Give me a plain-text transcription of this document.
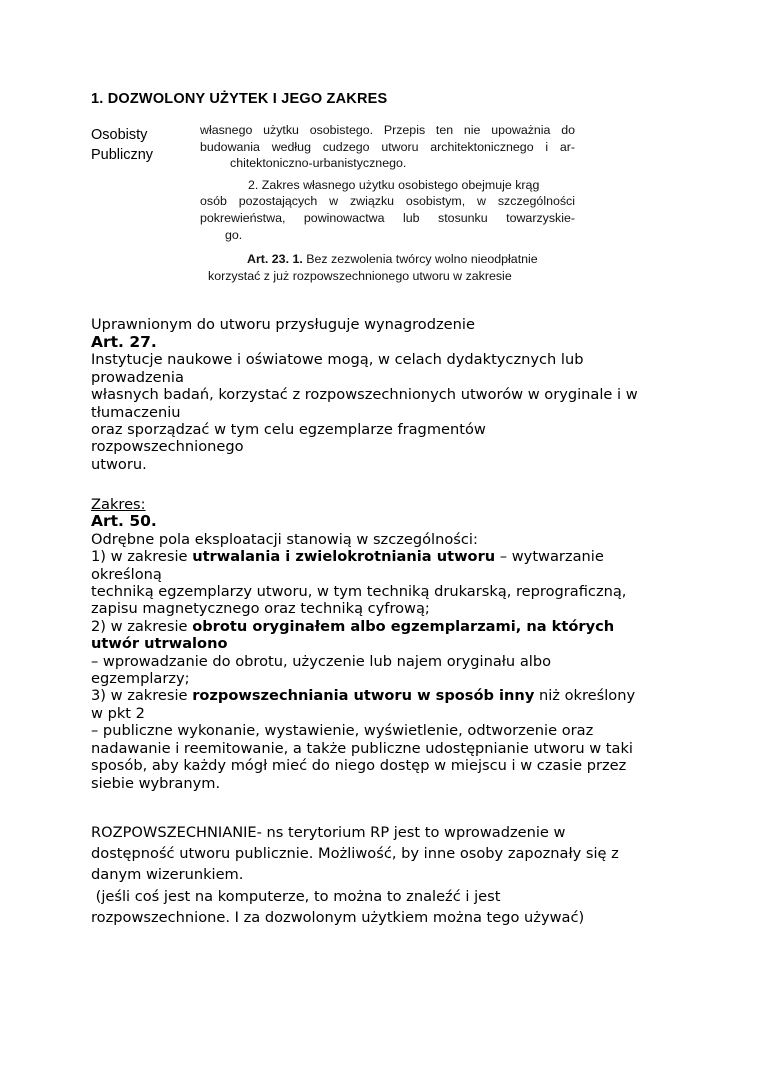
1. DOZWOLONY UŻYTEK I JEGO ZAKRES
Osobisty
Publiczny
własnego użytku osobistego. Przepis ten nie upoważnia do
budowania według cudzego utworu architektonicznego i ar-
chitektoniczno-urbanistycznego.
2. Zakres własnego użytku osobistego obejmuje krąg
osób pozostających w związku osobistym, w szczególności
pokrewieństwa, powinowactwa lub stosunku towarzyskie-
go.
Art. 23. 1. Bez zezwolenia twórcy wolno nieodpłatnie
korzystać z już rozpowszechnionego utworu w zakresie
Uprawnionym do utworu przysługuje wynagrodzenie
Art. 27.
Instytucje naukowe i oświatowe mogą, w celach dydaktycznych lub
prowadzenia
własnych badań, korzystać z rozpowszechnionych utworów w oryginale i w
tłumaczeniu
oraz sporządzać w tym celu egzemplarze fragmentów
rozpowszechnionego
utworu.
Zakres:
Art. 50.
Odrębne pola eksploatacji stanowią w szczególności:
1) w zakresie utrwalania i zwielokrotniania utworu – wytwarzanie
określoną
techniką egzemplarzy utworu, w tym techniką drukarską, reprograficzną,
zapisu magnetycznego oraz techniką cyfrową;
2) w zakresie obrotu oryginałem albo egzemplarzami, na których
utwór utrwalono
– wprowadzanie do obrotu, użyczenie lub najem oryginału albo
egzemplarzy;
3) w zakresie rozpowszechniania utworu w sposób inny niż określony
w pkt 2
– publiczne wykonanie, wystawienie, wyświetlenie, odtworzenie oraz
nadawanie i reemitowanie, a także publiczne udostępnianie utworu w taki
sposób, aby każdy mógł mieć do niego dostęp w miejscu i w czasie przez
siebie wybranym.
ROZPOWSZECHNIANIE- ns terytorium RP jest to wprowadzenie w
dostępność utworu publicznie. Możliwość, by inne osoby zapoznały się z
danym wizerunkiem.
(jeśli coś jest na komputerze, to można to znaleźć i jest
rozpowszechnione. I za dozwolonym użytkiem można tego używać)
